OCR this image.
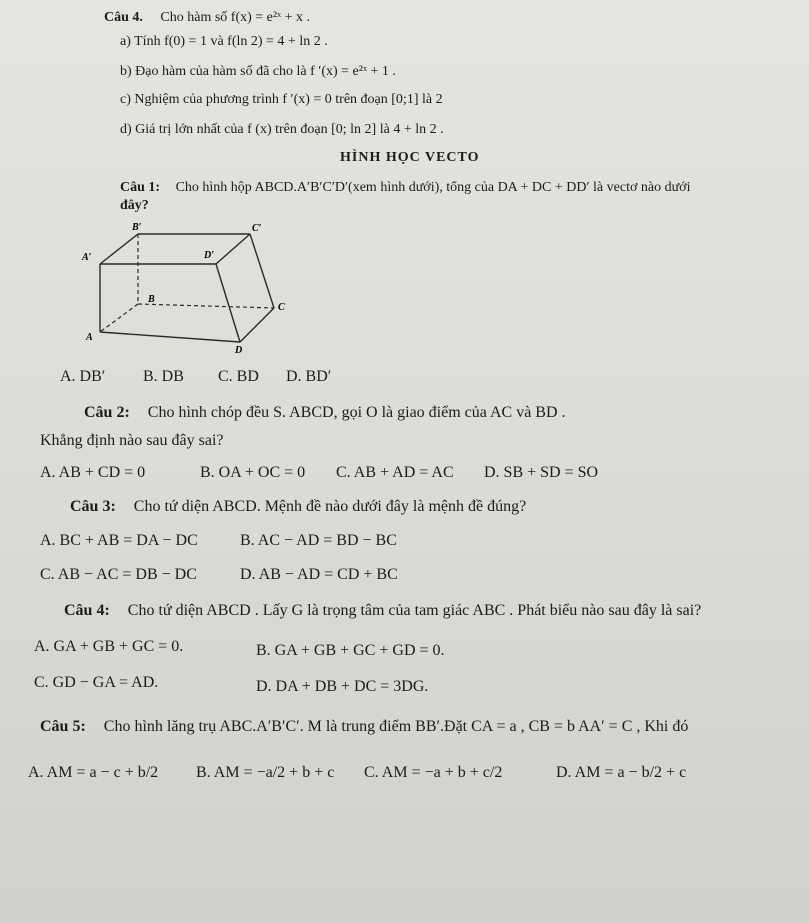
Câu 4. Cho hàm số f(x) = e²ˣ + x .
a) Tính f(0) = 1 và f(ln 2) = 4 + ln 2 .
b) Đạo hàm của hàm số đã cho là f ′(x) = e²ˣ + 1 .
c) Nghiệm của phương trình f ′(x) = 0 trên đoạn [0;1] là 2
d) Giá trị lớn nhất của f (x) trên đoạn [0; ln 2] là 4 + ln 2 .
HÌNH HỌC VECTO
Câu 1: Cho hình hộp ABCD.A′B′C′D′(xem hình dưới), tổng của DA + DC + DD′ là vectơ nào dưới
đây?
B′	C′
A′	D′
B
C
A
D
A. DB′ B. DB C. BD D. BD′
Câu 2: Cho hình chóp đều S. ABCD, gọi O là giao điểm của AC và BD .
Khẳng định nào sau đây sai?
A. AB + CD = 0	B. OA + OC = 0 C. AB + AD = AC D. SB + SD = SO
Câu 3: Cho tứ diện ABCD. Mệnh đề nào dưới đây là mệnh đề đúng?
A. BC + AB = DA − DC	B. AC − AD = BD − BC
C. AB − AC = DB − DC	D. AB − AD = CD + BC
Câu 4: Cho tứ diện ABCD . Lấy G là trọng tâm của tam giác ABC . Phát biểu nào sau đây là sai?
A. GA + GB + GC = 0.	B. GA + GB + GC + GD = 0.
C. GD − GA = AD.	D. DA + DB + DC = 3DG.
Câu 5: Cho hình lăng trụ ABC.A′B′C′. M là trung điểm BB′.Đặt CA = a , CB = b AA′ = C , Khi đó
A. AM = a − c + b/2 B. AM = −a/2 + b + c C. AM = −a + b + c/2	D. AM = a − b/2 + c
